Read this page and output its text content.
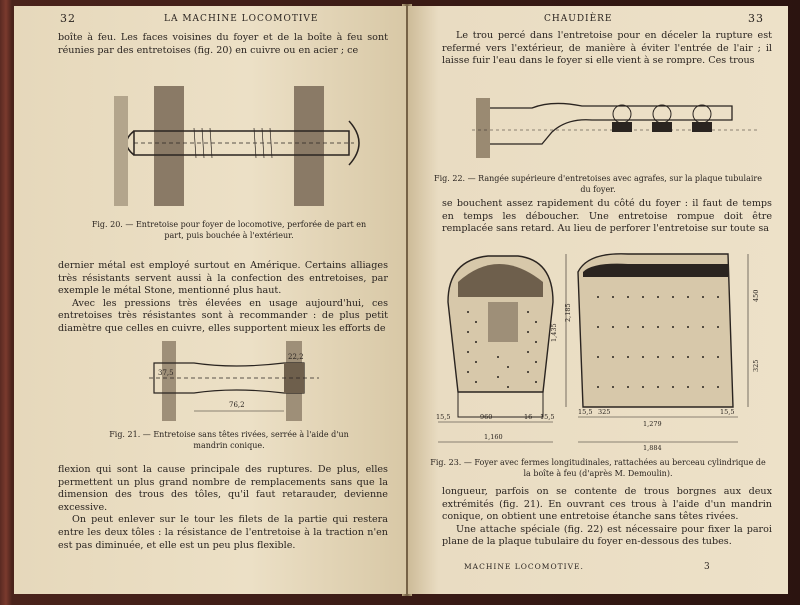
32	LA MACHINE LOCOMOTIVE

boîte à feu. Les faces voisines du foyer et de la boîte à feu sont réunies par des entretoises (fig. 20) en cuivre ou en acier ; ce

Fig. 20. — Entretoise pour foyer de locomotive, perforée de part en part, puis bouchée à l'extérieur.

dernier métal est employé surtout en Amérique. Certains alliages très résistants servent aussi à la confection des entretoises, par exemple le métal Stone, mentionné plus haut.

Avec les pressions très élevées en usage aujourd'hui, ces entretoises très résistantes sont à recommander : de plus petit diamètre que celles en cuivre, elles supportent mieux les efforts de

37,5
22,2
76,2
Fig. 21. — Entretoise sans têtes rivées, serrée à l'aide d'un mandrin conique.

flexion qui sont la cause principale des ruptures. De plus, elles permettent un plus grand nombre de remplacements sans que la dimension des trous des tôles, qu'il faut retarauder, devienne excessive.

On peut enlever sur le tour les filets de la partie qui restera entre les deux tôles : la résistance de l'entretoise à la traction n'en est pas diminuée, et elle est un peu plus flexible.

CHAUDIÈRE	33

Le trou percé dans l'entretoise pour en déceler la rupture est refermé vers l'extérieur, de manière à éviter l'entrée de l'air ; il laisse fuir l'eau dans le foyer si elle vient à se rompre. Ces trous

Fig. 22. — Rangée supérieure d'entretoises avec agrafes, sur la plaque tubulaire du foyer.

se bouchent assez rapidement du côté du foyer : il faut de temps en temps les déboucher. Une entretoise rompue doit être remplacée sans retard. Au lieu de perforer l'entretoise sur toute sa

15,5	960	16 15,5
1,160
15,5 325	15,5
1,279
1,884
1,435
2,185
450
325
Fig. 23. — Foyer avec fermes longitudinales, rattachées au berceau cylindrique de la boîte à feu (d'après M. Demoulin).

longueur, parfois on se contente de trous borgnes aux deux extrémités (fig. 21). En ouvrant ces trous à l'aide d'un mandrin conique, on obtient une entretoise étanche sans têtes rivées.

Une attache spéciale (fig. 22) est nécessaire pour fixer la paroi plane de la plaque tubulaire du foyer en-dessous des tubes.

MACHINE LOCOMOTIVE.	3
